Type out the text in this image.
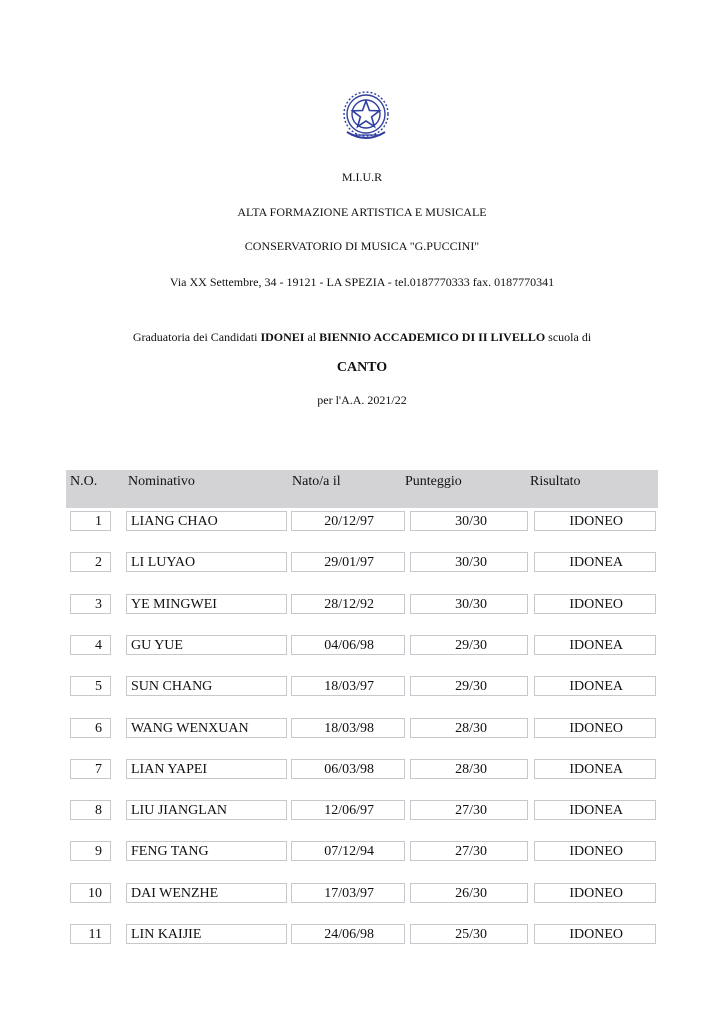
M.I.U.R
ALTA FORMAZIONE ARTISTICA E MUSICALE
CONSERVATORIO DI MUSICA "G.PUCCINI"
Via XX Settembre, 34 - 19121 - LA SPEZIA - tel.0187770333 fax. 0187770341
Graduatoria dei Candidati IDONEI al BIENNIO ACCADEMICO DI II LIVELLO scuola di
CANTO
per l'A.A. 2021/22
N.O. Nominativo	Nato/a il	Punteggio	Risultato
1	LIANG CHAO	20/12/97	30/30	IDONEO
2	LI LUYAO	29/01/97	30/30	IDONEA
3	YE MINGWEI	28/12/92	30/30	IDONEO
4	GU YUE	04/06/98	29/30	IDONEA
5	SUN CHANG	18/03/97	29/30	IDONEA
6	WANG WENXUAN	18/03/98	28/30	IDONEO
7	LIAN YAPEI	06/03/98	28/30	IDONEA
8	LIU JIANGLAN	12/06/97	27/30	IDONEA
9	FENG TANG	07/12/94	27/30	IDONEO
10	DAI WENZHE	17/03/97	26/30	IDONEO
11	LIN KAIJIE	24/06/98	25/30	IDONEO
